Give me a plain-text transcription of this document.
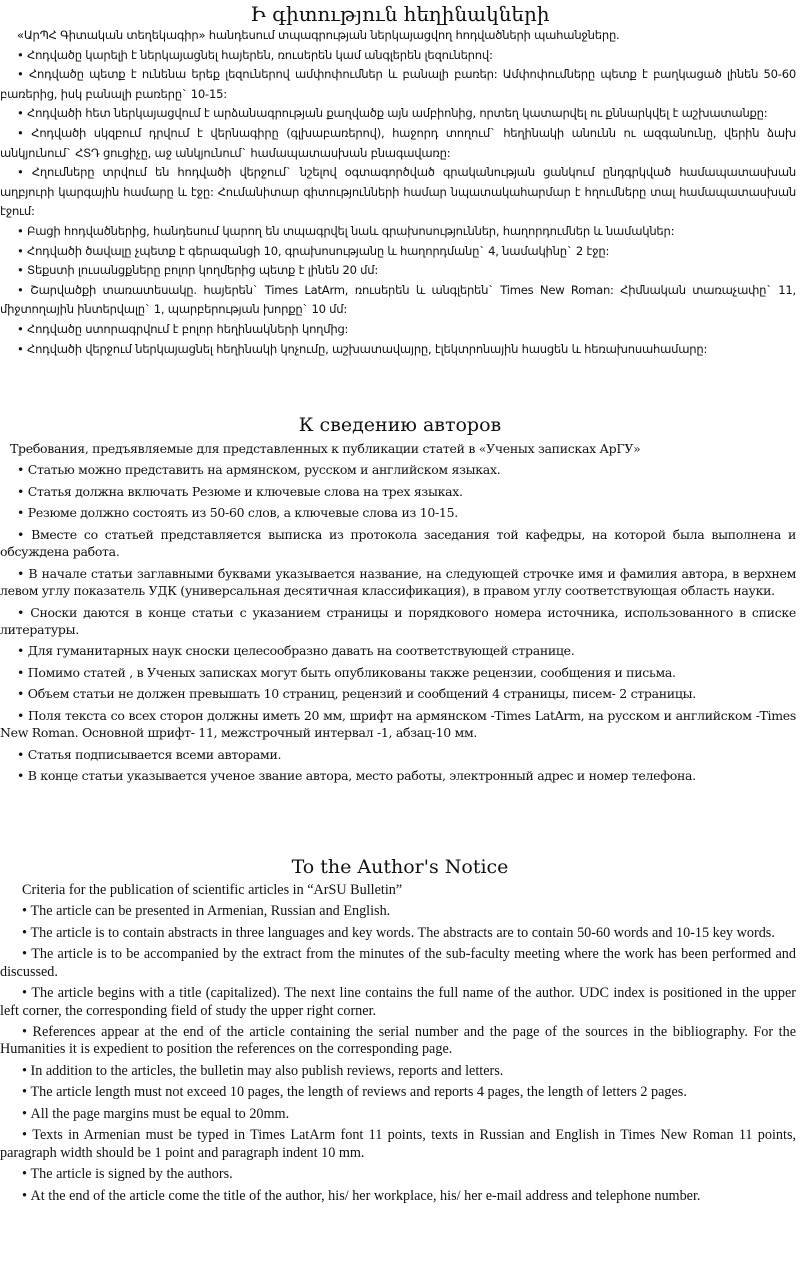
Ի գիտություն հեղինակների

«ԱրՊՀ Գիտական տեղեկագիր» հանդեսում տպագրության ներկայացվող հոդվածների պահանջները.

• Հոդվածը կարելի է ներկայացնել հայերեն, ռուսերեն կամ անգլերեն լեզուներով:

• Հոդվածը պետք է ունենա երեք լեզուներով ամփոփումներ և բանալի բառեր: Ամփոփումները պետք է բաղկացած լինեն 50-60 բառերից, իսկ բանալի բառերը` 10-15:

• Հոդվածի հետ ներկայացվում է արձանագրության քաղվածք այն ամբիոնից, որտեղ կատարվել ու քննարկվել է աշխատանքը:

• Հոդվածի սկզբում դրվում է վերնագիրը (գլխաբառերով), հաջորդ տողում` հեղինակի անունն ու ազգանունը, վերին ձախ անկյունում` ՀՏԴ ցուցիչը, աջ անկյունում` համապատասխան բնագավառը:

• Հղումները տրվում են հոդվածի վերջում` նշելով օգտագործված գրականության ցանկում ընդգրկված համապատասխան աղբյուրի կարգային համարը և էջը: Հումանիտար գիտությունների համար նպատակահարմար է հղումները տալ համապատասխան էջում:

• Բացի հոդվածներից, հանդեսում կարող են տպագրվել նաև գրախոսություններ, հաղորդումներ և նամակներ:

• Հոդվածի ծավալը չպետք է գերազանցի 10, գրախոսությանը և հաղորդմանը` 4, նամակինը` 2 էջը:

• Տեքստի լուսանցքները բոլոր կողմերից պետք է լինեն 20 մմ:

• Շարվածքի տառատեսակը. հայերեն` Times LatArm, ռուսերեն և անգլերեն` Times New Roman: Հիմնական տառաչափը` 11, միջտողային ինտերվալը` 1, պարբերության խորքը` 10 մմ:

• Հոդվածը ստորագրվում է բոլոր հեղինակների կողմից:

• Հոդվածի վերջում ներկայացնել հեղինակի կոչումը, աշխատավայրը, էլեկտրոնային հասցեն և հեռախոսահամարը:

К сведению авторов

Требования, предъявляемые для представленных к публикации статей в «Ученых записках АрГУ»

• Статью можно представить на армянском, русском и английском языках.

• Статья должна включать Резюме и ключевые слова на трех языках.

• Резюме должно состоять из 50-60 слов, а ключевые слова из 10-15.

• Вместе со статьей представляется выписка из протокола заседания той кафедры, на которой была выполнена и обсуждена работа.

• В начале статьи заглавными буквами указывается название, на следующей строчке имя и фамилия автора, в верхнем левом углу показатель УДК (универсальная десятичная классификация), в правом углу соответствующая область науки.

• Сноски даются в конце статьи с указанием страницы и порядкового номера источника, использованного в списке литературы.

• Для гуманитарных наук сноски целесообразно давать на соответствующей странице.

• Помимо статей , в Ученых записках могут быть опубликованы также рецензии, сообщения и письма.

• Объем статьи не должен превышать 10 страниц, рецензий и сообщений 4 страницы, писем- 2 страницы.

• Поля текста со всех сторон должны иметь 20 мм, шрифт на армянском -Times LatArm, на русском и английском -Times New Roman. Основной шрифт- 11, межстрочный интервал -1, абзац-10 мм.

• Статья подписывается всеми авторами.

• В конце статьи указывается ученое звание автора, место работы, электронный адрес и номер телефона.

To the Author's Notice

Criteria for the publication of scientific articles in “ArSU Bulletin”

• The article can be presented in Armenian, Russian and English.

• The article is to contain abstracts in three languages and key words. The abstracts are to contain 50-60 words and 10-15 key words.

• The article is to be accompanied by the extract from the minutes of the sub-faculty meeting where the work has been performed and discussed.

• The article begins with a title (capitalized). The next line contains the full name of the author. UDC index is positioned in the upper left corner, the corresponding field of study the upper right corner.

• References appear at the end of the article containing the serial number and the page of the sources in the bibliography. For the Humanities it is expedient to position the references on the corresponding page.

• In addition to the articles, the bulletin may also publish reviews, reports and letters.

• The article length must not exceed 10 pages, the length of reviews and reports 4 pages, the length of letters 2 pages.

• All the page margins must be equal to 20mm.

• Texts in Armenian must be typed in Times LatArm font 11 points, texts in Russian and English in Times New Roman 11 points, paragraph width should be 1 point and paragraph indent 10 mm.

• The article is signed by the authors.

• At the end of the article come the title of the author, his/ her workplace, his/ her e-mail address and telephone number.
